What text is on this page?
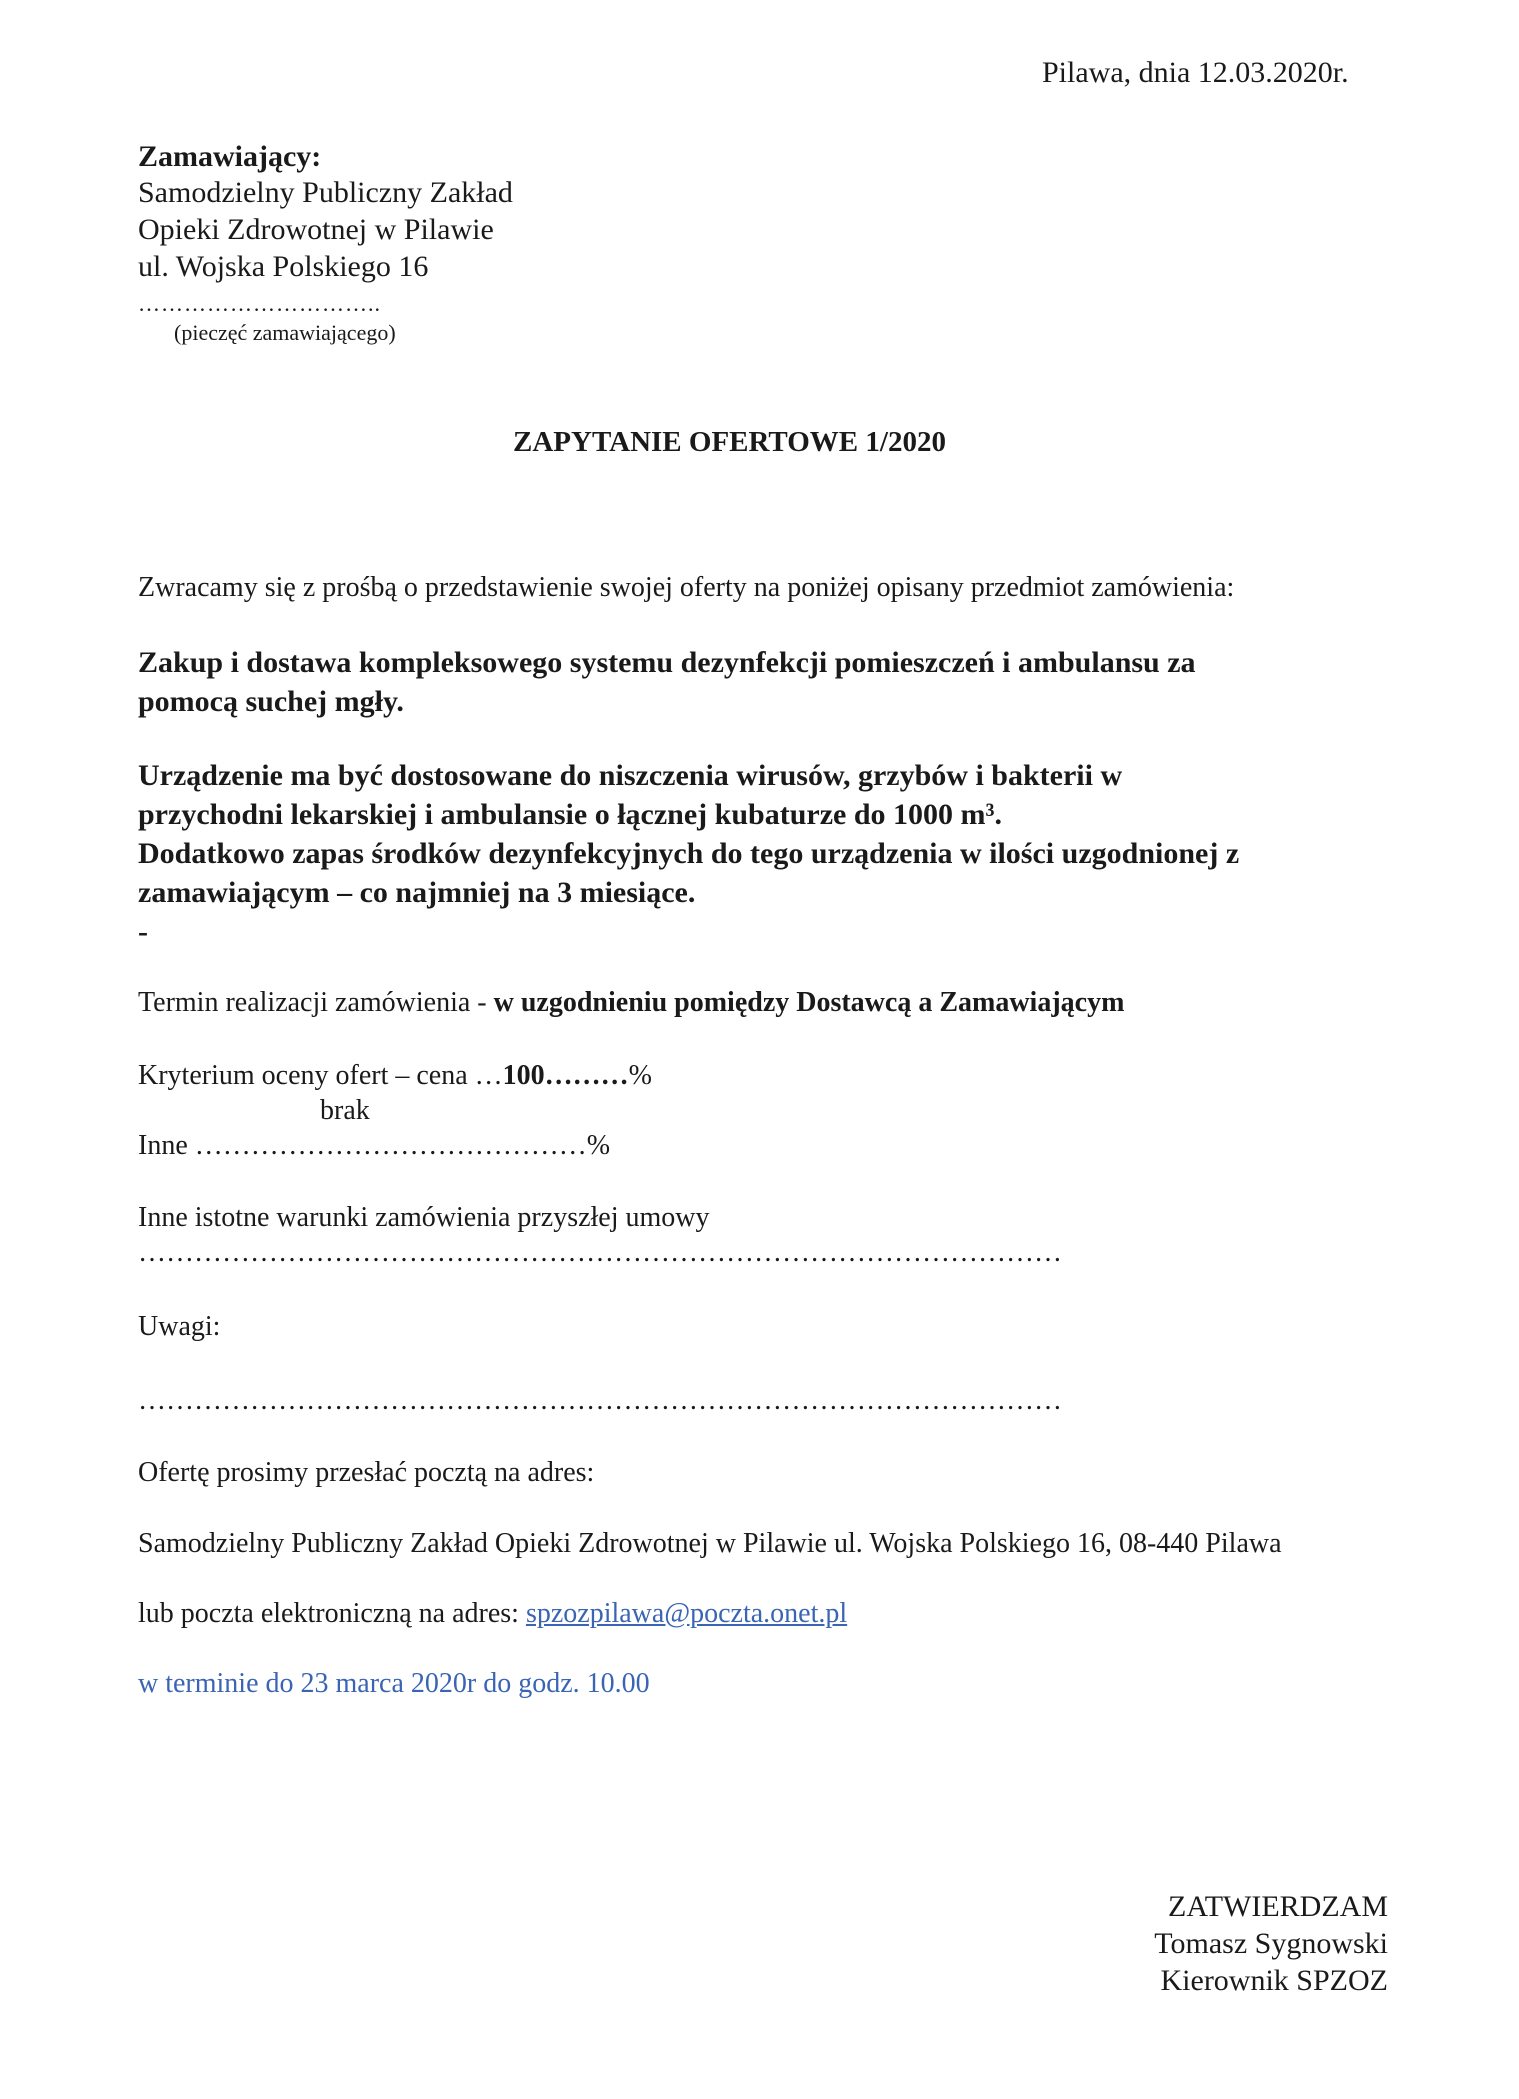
Pilawa, dnia 12.03.2020r.
Zamawiający:
Samodzielny Publiczny Zakład
Opieki Zdrowotnej w Pilawie
ul. Wojska Polskiego 16
…………………………..
(pieczęć zamawiającego)
ZAPYTANIE OFERTOWE 1/2020
Zwracamy się z prośbą o przedstawienie swojej oferty na poniżej opisany przedmiot zamówienia:
Zakup i dostawa kompleksowego systemu dezynfekcji pomieszczeń i ambulansu za
pomocą suchej mgły.
Urządzenie ma być dostosowane do niszczenia wirusów, grzybów i bakterii w
przychodni lekarskiej i ambulansie o łącznej kubaturze do 1000 m³.
Dodatkowo zapas środków dezynfekcyjnych do tego urządzenia w ilości uzgodnionej z
zamawiającym – co najmniej na 3 miesiące.
-
Termin realizacji zamówienia - w uzgodnieniu pomiędzy Dostawcą a Zamawiającym
Kryterium oceny ofert – cena …100………%
brak
Inne ……………………………………%
Inne istotne warunki zamówienia przyszłej umowy
………………………………………………………………………………………
Uwagi:
………………………………………………………………………………………
Ofertę prosimy przesłać pocztą na adres:
Samodzielny Publiczny Zakład Opieki Zdrowotnej w Pilawie ul. Wojska Polskiego 16, 08-440 Pilawa
lub poczta elektroniczną na adres: spzozpilawa@poczta.onet.pl
w terminie do 23 marca 2020r do godz. 10.00
ZATWIERDZAM
Tomasz Sygnowski
Kierownik SPZOZ
